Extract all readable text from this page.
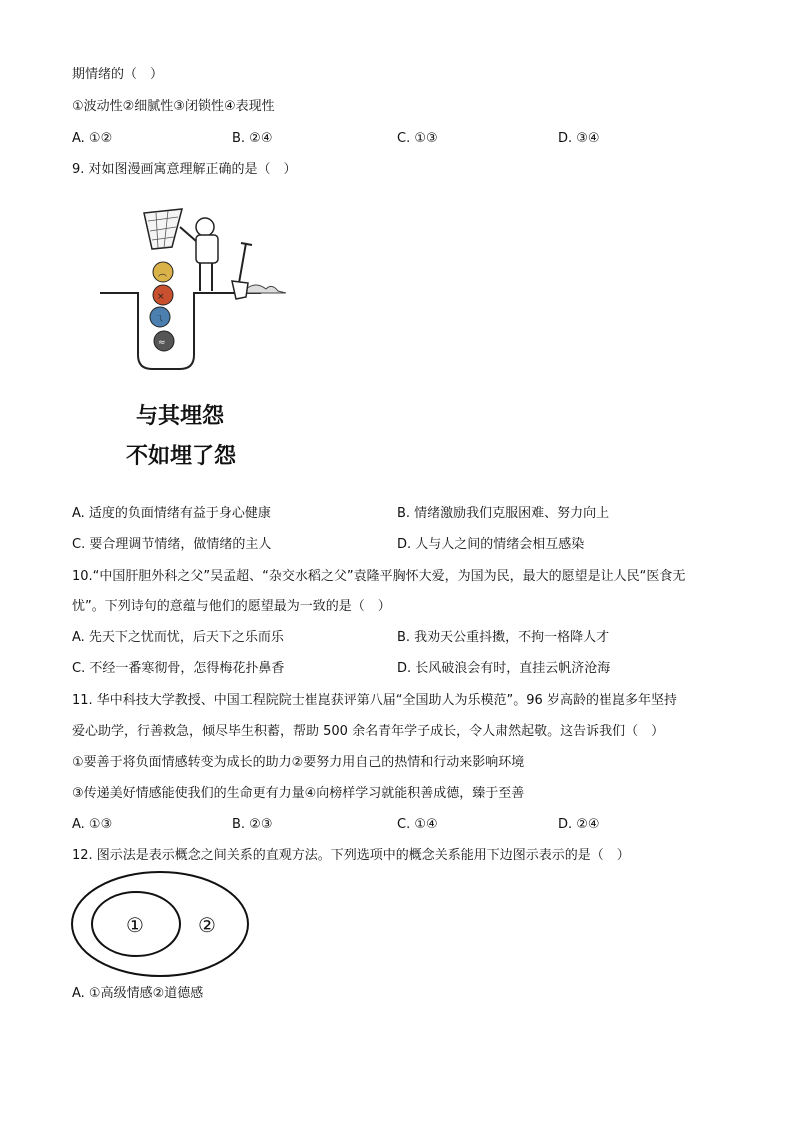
期情绪的（　）
①波动性②细腻性③闭锁性④表现性
A. ①②	B. ②④	C. ①③	D. ③④
9. 对如图漫画寓意理解正确的是（　）
︵
×
ㄟ
≈
与其埋怨
不如埋了怨
A. 适度的负面情绪有益于身心健康	B. 情绪激励我们克服困难、努力向上
C. 要合理调节情绪，做情绪的主人	D. 人与人之间的情绪会相互感染
10.“中国肝胆外科之父”吴孟超、“杂交水稻之父”袁隆平胸怀大爱，为国为民，最大的愿望是让人民“医食无
忧”。下列诗句的意蕴与他们的愿望最为一致的是（　）
A. 先天下之忧而忧，后天下之乐而乐	B. 我劝天公重抖擞，不拘一格降人才
C. 不经一番寒彻骨，怎得梅花扑鼻香	D. 长风破浪会有时，直挂云帆济沧海
11. 华中科技大学教授、中国工程院院士崔崑获评第八届“全国助人为乐模范”。96 岁高龄的崔崑多年坚持
爱心助学，行善救急，倾尽毕生积蓄，帮助 500 余名青年学子成长，令人肃然起敬。这告诉我们（　）
①要善于将负面情感转变为成长的助力②要努力用自己的热情和行动来影响环境
③传递美好情感能使我们的生命更有力量④向榜样学习就能积善成德，臻于至善
A. ①③	B. ②③	C. ①④	D. ②④
12. 图示法是表示概念之间关系的直观方法。下列选项中的概念关系能用下边图示表示的是（　）
①	②
A. ①高级情感②道德感
